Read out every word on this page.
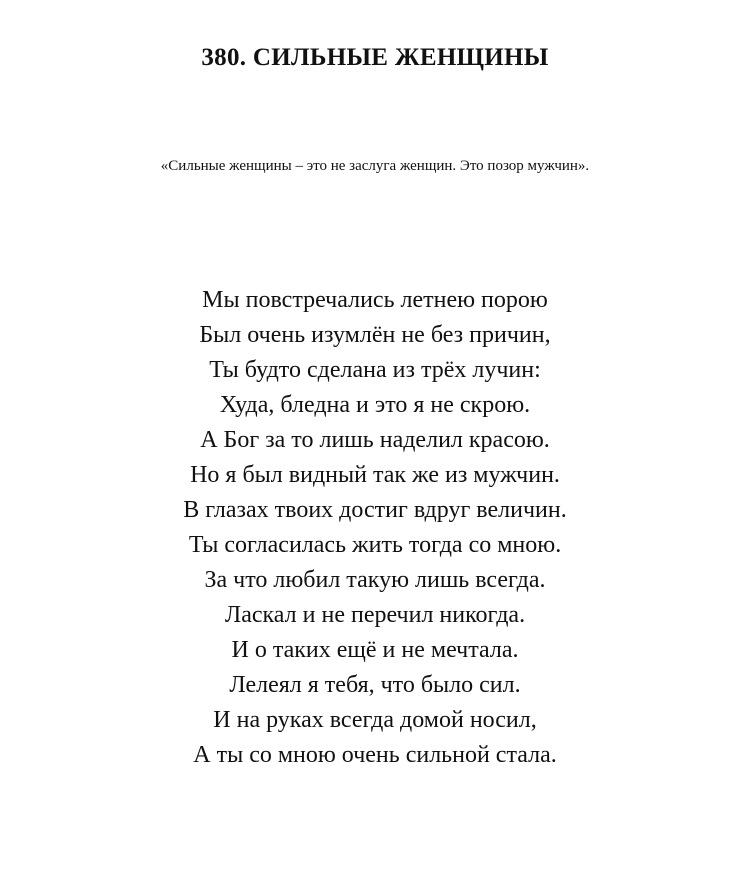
380. СИЛЬНЫЕ ЖЕНЩИНЫ

«Сильные женщины – это не заслуга женщин. Это позор мужчин».

Мы повстречались летнею порою
Был очень изумлён не без причин,
Ты будто сделана из трёх лучин:
Худа, бледна и это я не скрою.
А Бог за то лишь наделил красою.
Но я был видный так же из мужчин.
В глазах твоих достиг вдруг величин.
Ты согласилась жить тогда со мною.
За что любил такую лишь всегда.
Ласкал и не перечил никогда.
И о таких ещё и не мечтала.
Лелеял я тебя, что было сил.
И на руках всегда домой носил,
А ты со мною очень сильной стала.
